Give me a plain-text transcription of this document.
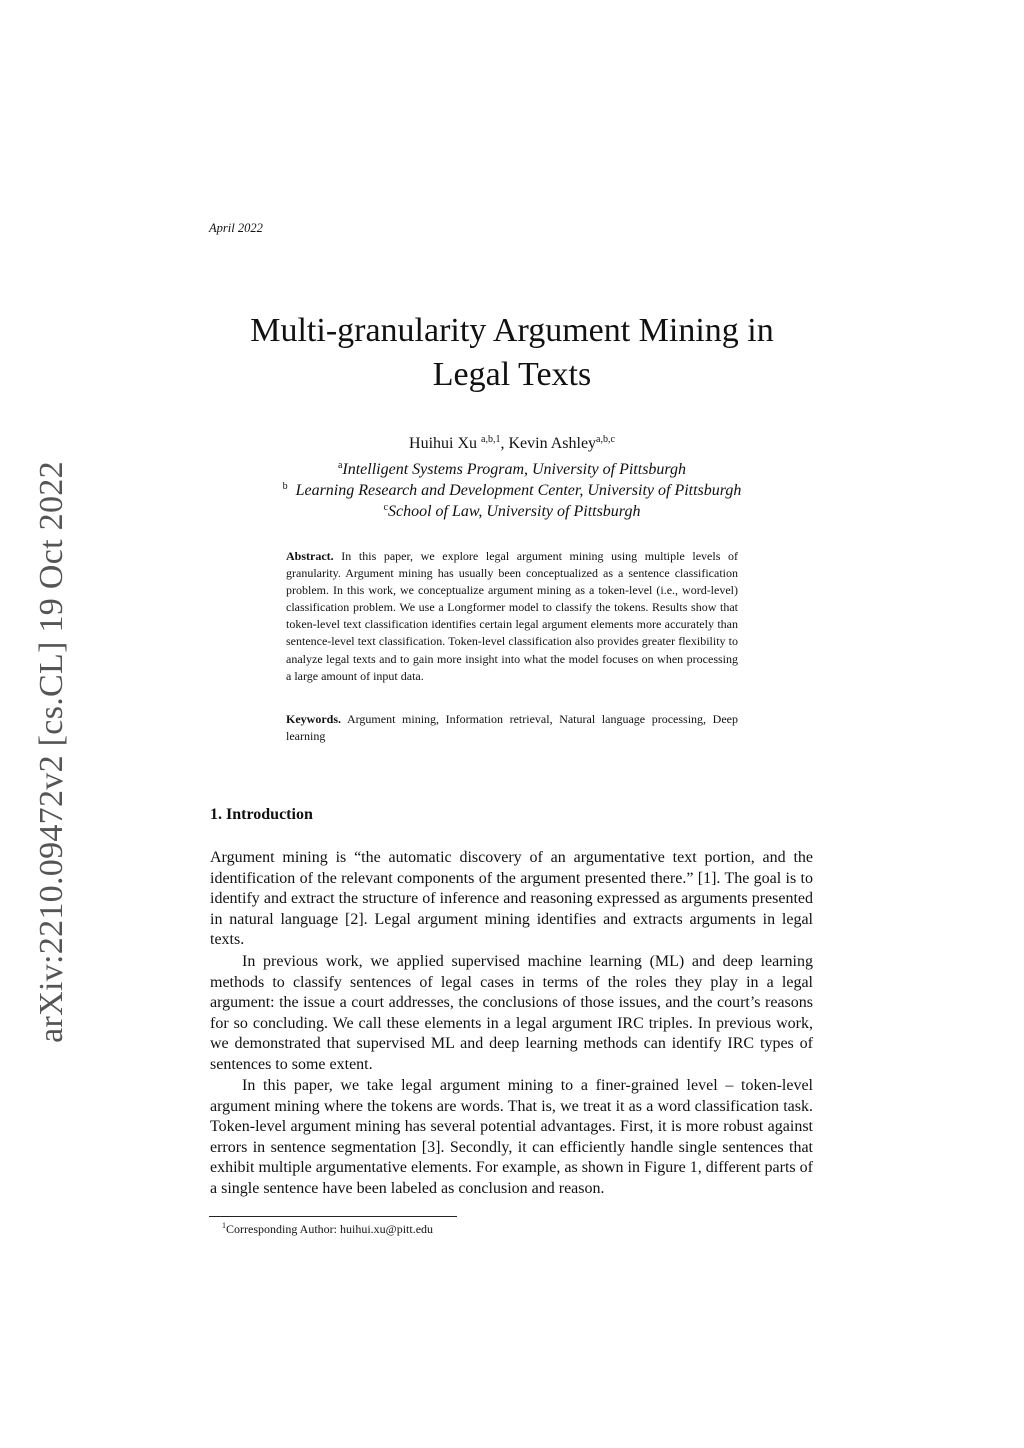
arXiv:2210.09472v2 [cs.CL] 19 Oct 2022
April 2022
Multi-granularity Argument Mining in
Legal Texts
Huihui Xu $^{a,b,1}$, Kevin Ashley$^{a,b,c}$
$^a$Intelligent Systems Program, University of Pittsburgh
$^b$ Learning Research and Development Center, University of Pittsburgh
$^c$School of Law, University of Pittsburgh
Abstract. In this paper, we explore legal argument mining using multiple levels of granularity. Argument mining has usually been conceptualized as a sentence classification problem. In this work, we conceptualize argument mining as a token-level (i.e., word-level) classification problem. We use a Longformer model to classify the tokens. Results show that token-level text classification identifies certain legal argument elements more accurately than sentence-level text classification. Token-level classification also provides greater flexibility to analyze legal texts and to gain more insight into what the model focuses on when processing a large amount of input data.
Keywords. Argument mining, Information retrieval, Natural language processing, Deep learning
1. Introduction
Argument mining is “the automatic discovery of an argumentative text portion, and the identification of the relevant components of the argument presented there.” [1]. The goal is to identify and extract the structure of inference and reasoning expressed as arguments presented in natural language [2]. Legal argument mining identifies and extracts arguments in legal texts.
In previous work, we applied supervised machine learning (ML) and deep learning methods to classify sentences of legal cases in terms of the roles they play in a legal argument: the issue a court addresses, the conclusions of those issues, and the court’s reasons for so concluding. We call these elements in a legal argument IRC triples. In previous work, we demonstrated that supervised ML and deep learning methods can identify IRC types of sentences to some extent.
In this paper, we take legal argument mining to a finer-grained level – token-level argument mining where the tokens are words. That is, we treat it as a word classification task. Token-level argument mining has several potential advantages. First, it is more robust against errors in sentence segmentation [3]. Secondly, it can efficiently handle single sentences that exhibit multiple argumentative elements. For example, as shown in Figure 1, different parts of a single sentence have been labeled as conclusion and reason.
$^1$Corresponding Author: huihui.xu@pitt.edu
